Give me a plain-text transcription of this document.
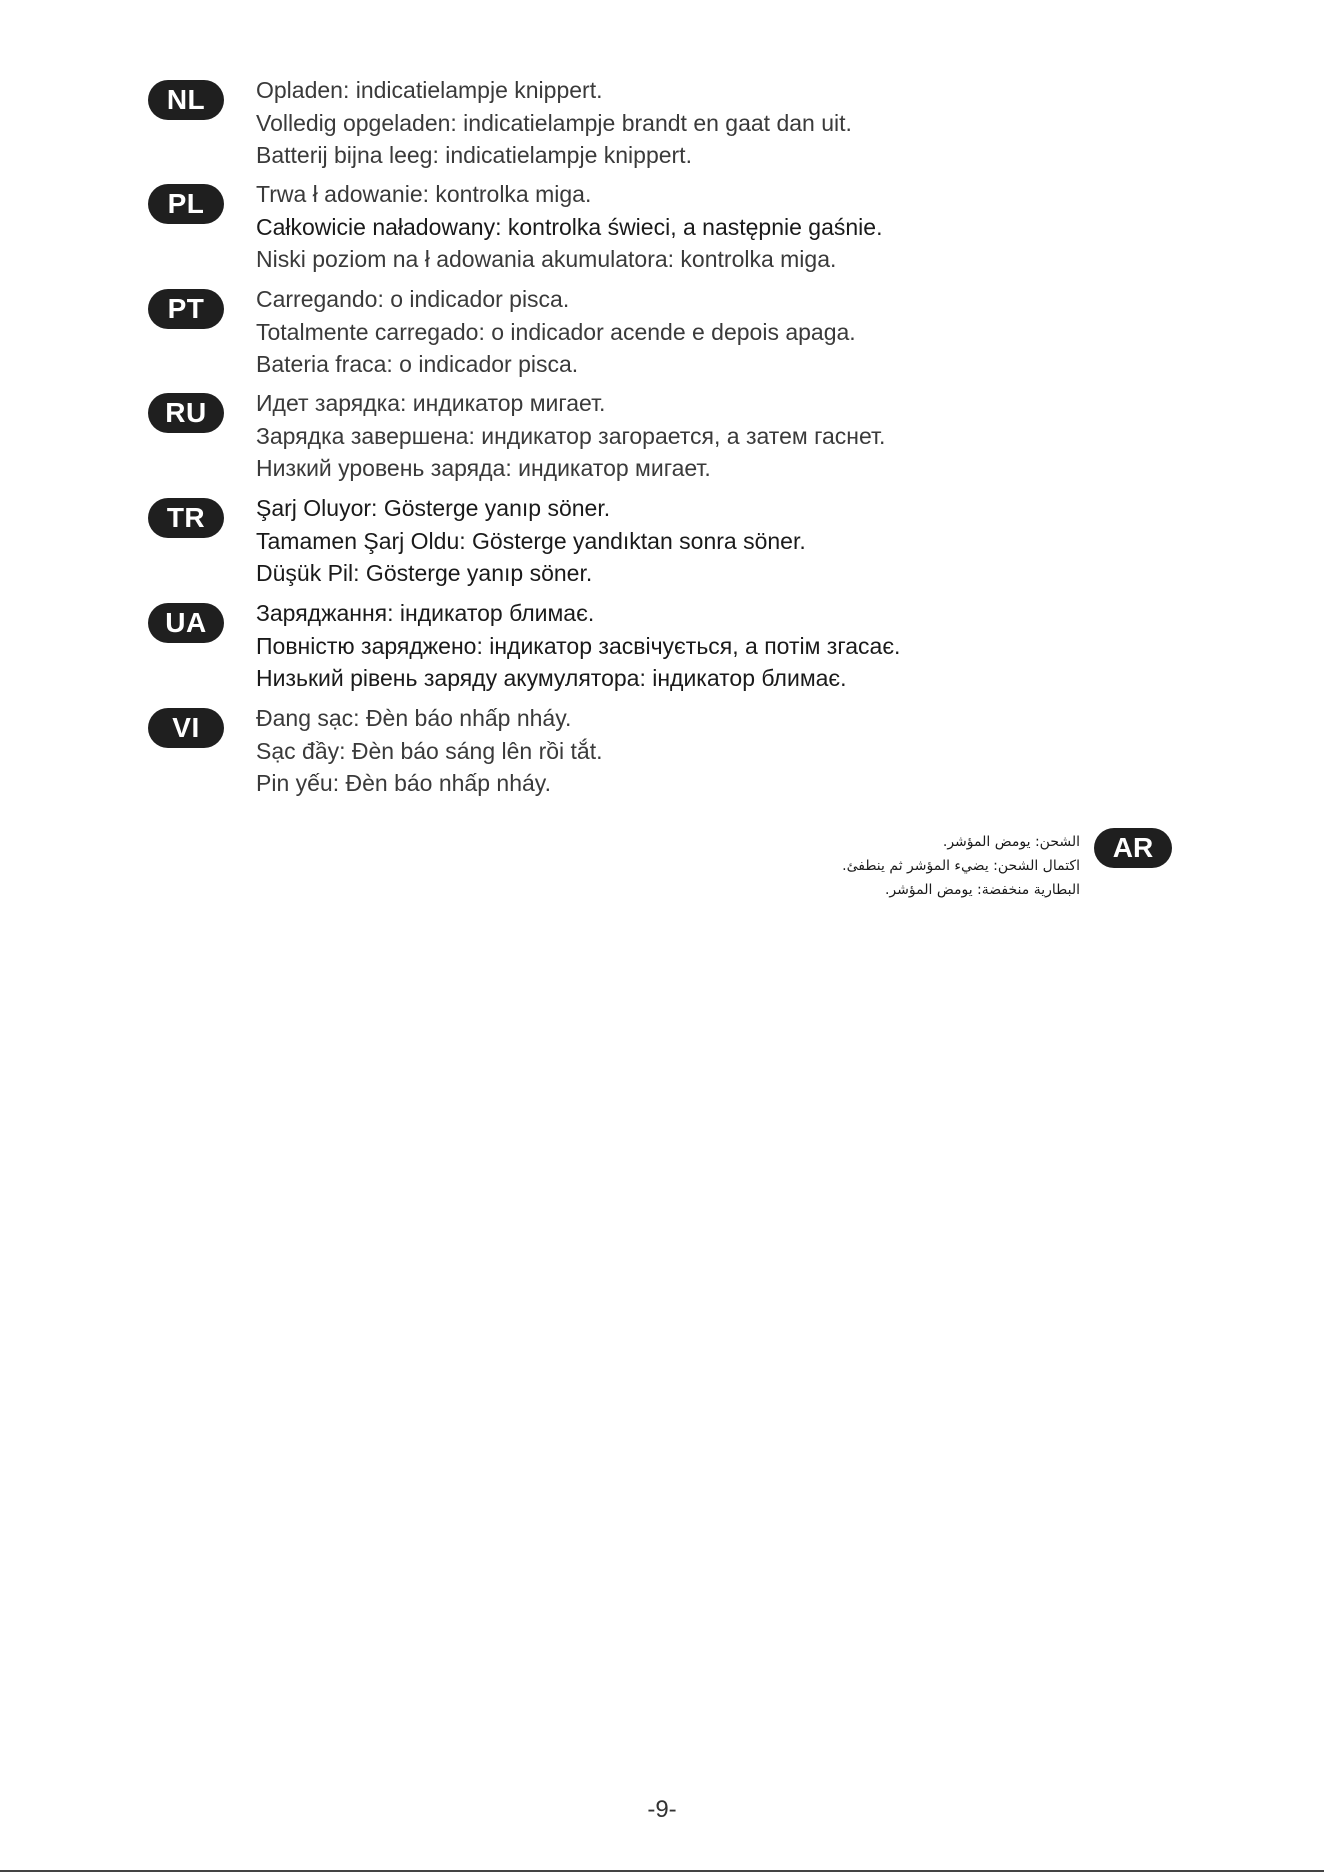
NL	Opladen: indicatielampje knippert.
Volledig opgeladen: indicatielampje brandt en gaat dan uit.
Batterij bijna leeg: indicatielampje knippert.
PL	Trwa ł adowanie: kontrolka miga.
Całkowicie naładowany: kontrolka świeci, a następnie gaśnie.
Niski poziom na ł adowania akumulatora: kontrolka miga.
PT	Carregando: o indicador pisca.
Totalmente carregado: o indicador acende e depois apaga.
Bateria fraca: o indicador pisca.
RU	Идет зарядка: индикатор мигает.
Зарядка завершена: индикатор загорается, а затем гаснет.
Низкий уровень заряда: индикатор мигает.
TR	Şarj Oluyor: Gösterge yanıp söner.
Tamamen Şarj Oldu: Gösterge yandıktan sonra söner.
Düşük Pil: Gösterge yanıp söner.
UA	Заряджання: індикатор блимає.
Повністю заряджено: індикатор засвічується, а потім згасає.
Низький рівень заряду акумулятора: індикатор блимає.
VI	Đang sạc: Đèn báo nhấp nháy.
Sạc đầy: Đèn báo sáng lên rồi tắt.
Pin yếu: Đèn báo nhấp nháy.
AR
الشحن: يومض المؤشر.
اكتمال الشحن: يضيء المؤشر ثم ينطفئ.
البطارية منخفضة: يومض المؤشر.
-9-
